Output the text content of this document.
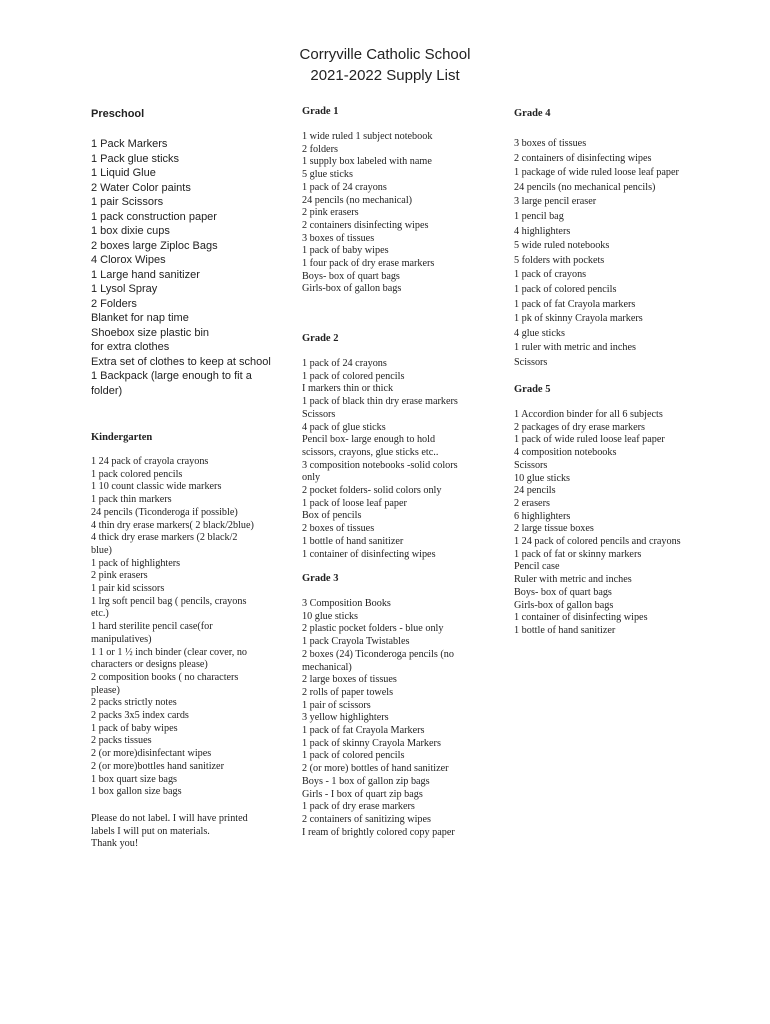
Corryville Catholic School
2021-2022 Supply List
Preschool
1 Pack Markers
1 Pack glue sticks
1 Liquid Glue
2 Water Color paints
1 pair Scissors
1 pack construction paper
1 box dixie cups
2 boxes large Ziploc Bags
4 Clorox Wipes
1 Large hand sanitizer
1 Lysol Spray
2 Folders
Blanket for nap time
Shoebox size plastic bin
for extra clothes
Extra set of clothes to keep at school
1 Backpack (large enough to fit a
folder)
Kindergarten
1 24 pack of crayola crayons
1 pack colored pencils
1 10 count classic wide markers
1 pack thin markers
24 pencils (Ticonderoga if possible)
4 thin dry erase markers( 2 black/2blue)
4 thick dry erase markers (2 black/2
blue)
1 pack of highlighters
2 pink erasers
1 pair kid scissors
1 lrg soft pencil bag ( pencils, crayons
etc.)
1 hard sterilite pencil case(for
manipulatives)
1 1 or 1 ½ inch binder (clear cover, no
characters or designs please)
2 composition books ( no characters
please)
2 packs strictly notes
2 packs 3x5 index cards
1 pack of baby wipes
2 packs tissues
2 (or more)disinfectant wipes
2 (or more)bottles hand sanitizer
1 box quart size bags
1 box gallon size bags
Please do not label. I will have printed
labels I will put on materials.
Thank you!
Grade 1
1 wide ruled 1 subject notebook
2 folders
1 supply box labeled with name
5 glue sticks
1 pack of 24 crayons
24 pencils (no mechanical)
2 pink erasers
2 containers disinfecting wipes
3 boxes of tissues
1 pack of baby wipes
1 four pack of dry erase markers
Boys- box of quart bags
Girls-box of gallon bags
Grade 2
1 pack of 24 crayons
1 pack of colored pencils
I markers thin or thick
1 pack of black thin dry erase markers
Scissors
4 pack of glue sticks
Pencil box- large enough to hold
scissors, crayons, glue sticks etc..
3 composition notebooks -solid colors
only
2 pocket folders- solid colors only
1 pack of loose leaf paper
Box of pencils
2 boxes of tissues
1 bottle of hand sanitizer
1 container of disinfecting wipes
Grade 3
3 Composition Books
10 glue sticks
2 plastic pocket folders - blue only
1 pack Crayola Twistables
2 boxes (24) Ticonderoga pencils (no
mechanical)
2 large boxes of tissues
2 rolls of paper towels
1 pair of scissors
3 yellow highlighters
1 pack of fat Crayola Markers
1 pack of skinny Crayola Markers
1 pack of colored pencils
2 (or more) bottles of hand sanitizer
Boys - 1 box of gallon zip bags
Girls - I box of quart zip bags
1 pack of dry erase markers
2 containers of sanitizing wipes
I ream of brightly colored copy paper
Grade 4
3 boxes of tissues
2 containers of disinfecting wipes
1 package of wide ruled loose leaf paper
24 pencils (no mechanical pencils)
3 large pencil eraser
1 pencil bag
4 highlighters
5 wide ruled notebooks
5 folders with pockets
1 pack of crayons
1 pack of colored pencils
1 pack of fat Crayola markers
1 pk of skinny Crayola markers
4 glue sticks
1 ruler with metric and inches
Scissors
Grade 5
1 Accordion binder for all 6 subjects
2 packages of dry erase markers
1 pack of wide ruled loose leaf paper
4 composition notebooks
Scissors
10 glue sticks
24 pencils
2 erasers
6 highlighters
2 large tissue boxes
1 24 pack of colored pencils and crayons
1 pack of fat or skinny markers
Pencil case
Ruler with metric and inches
Boys- box of quart bags
Girls-box of gallon bags
1 container of disinfecting wipes
1 bottle of hand sanitizer
